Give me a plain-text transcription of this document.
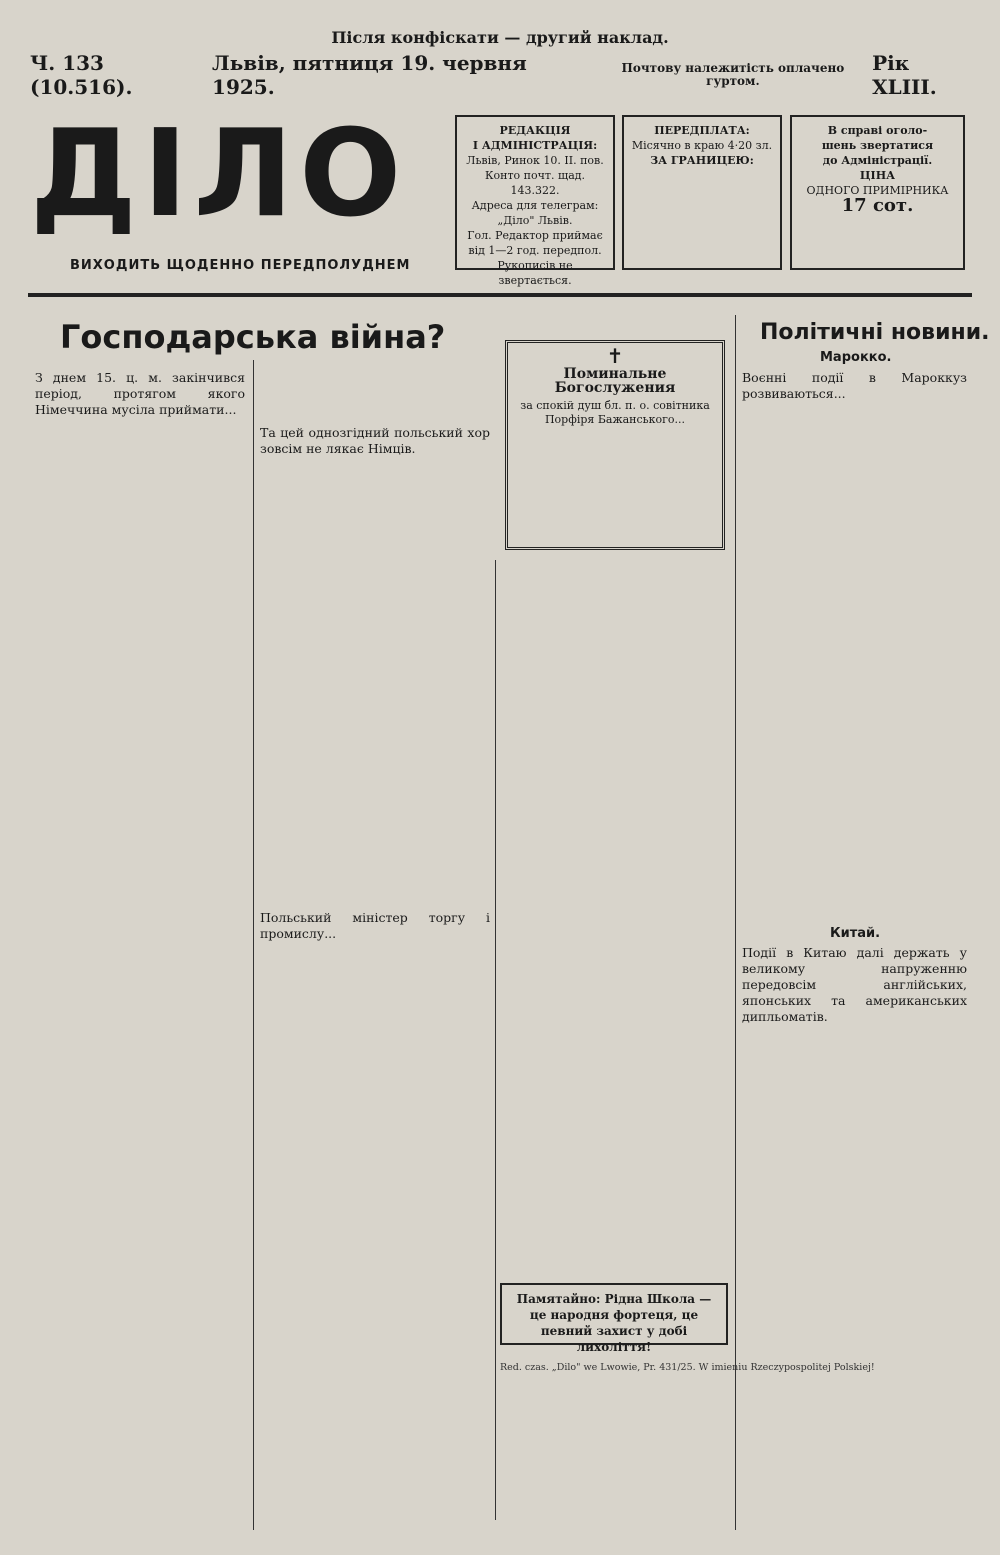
Після конфіскати — другий наклад.
Ч. 133 (10.516).
Львів, пятниця 19. червня 1925.
Почтову належитість оплачено гуртом.
Рік XLIII.
ДІЛО
ВИХОДИТЬ ЩОДЕННО ПЕРЕДПОЛУДНЕМ
РЕДАКЦІЯ
І АДМІНІСТРАЦІЯ:
Львів, Ринок 10. II. пов.
Конто почт. щад. 143.322.
Адреса для телеграм: „Діло" Львів.
Гол. Редактор приймає від 1—2 год. передпол.
Рукописів не звертається.
ПЕРЕДПЛАТА:
Місячно в краю 4·20 зл.
ЗА ГРАНИЦЕЮ:
В справі оголо-
шень звертатися
до Адміністрації.
ЦІНА
ОДНОГО ПРИМІРНИКА
17 сот.
Господарська війна?	Політичні новини.
З днем 15. ц. м. закінчився період, протягом якого Німеччина мусіла приймати...
Та цей однозгідний польський хор зовсім не лякає Німців.
Польський міністер торгу і промислу...
✝
Поминальне Богослужения
за спокій душ бл. п. о. совітника Порфіря Бажанського...
Памятайно: Рідна Школа — це народня фортеця, це певний захист у добі лихоліття!
Red. czas. „Dilo" we Lwowie, Pr. 431/25. W imieniu Rzeczypospolitej Polskiej!
Марокко.
Воєнні події в Мароккуз розвиваються...
Китай.
Події в Китаю далі держать у великому напруженню передовсім англійських, японських та американських дипльоматів.
